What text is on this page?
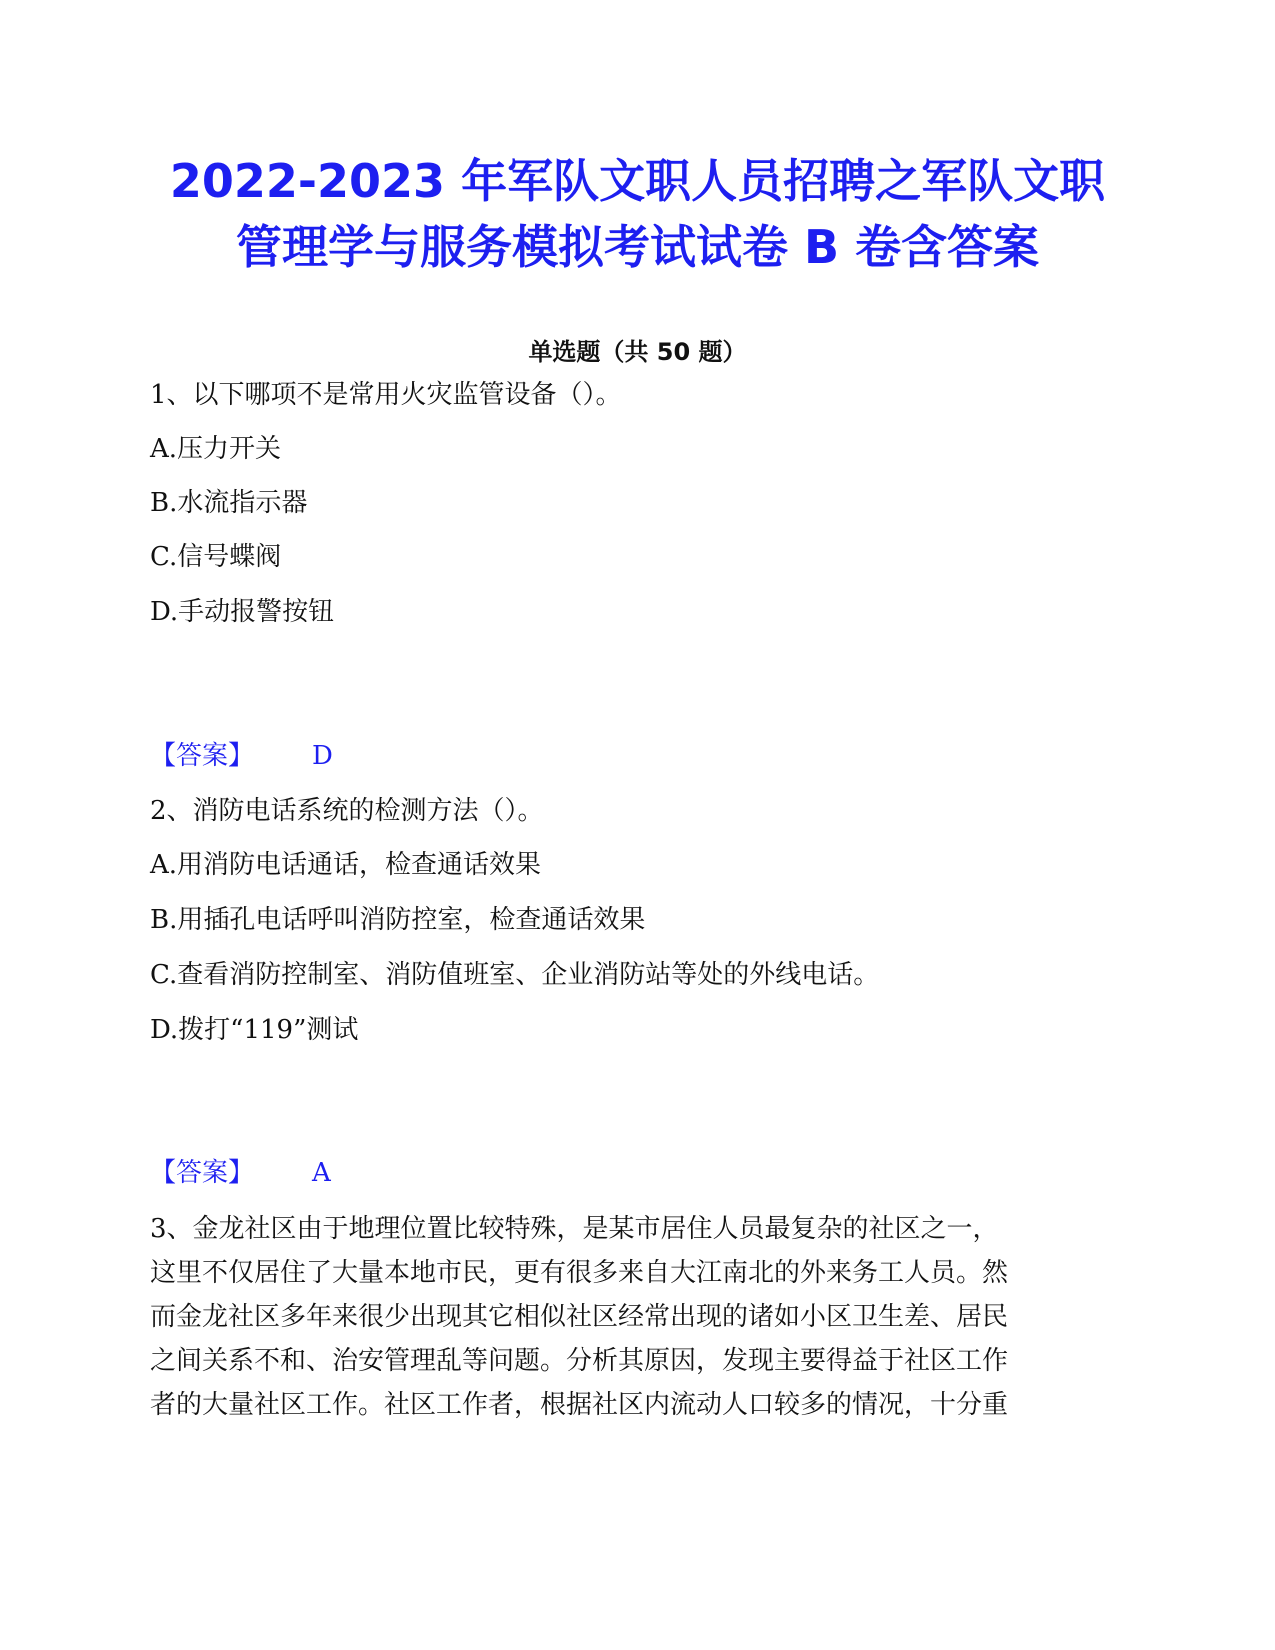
2022-2023 年军队文职人员招聘之军队文职
管理学与服务模拟考试试卷 B 卷含答案
单选题（共 50 题）
1、以下哪项不是常用火灾监管设备（）。
A.压力开关
B.水流指示器
C.信号蝶阀
D.手动报警按钮
【答案】 D
2、消防电话系统的检测方法（）。
A.用消防电话通话，检查通话效果
B.用插孔电话呼叫消防控室，检查通话效果
C.查看消防控制室、消防值班室、企业消防站等处的外线电话。
D.拨打“119”测试
【答案】 A
3、金龙社区由于地理位置比较特殊，是某市居住人员最复杂的社区之一，
这里不仅居住了大量本地市民，更有很多来自大江南北的外来务工人员。然
而金龙社区多年来很少出现其它相似社区经常出现的诸如小区卫生差、居民
之间关系不和、治安管理乱等问题。分析其原因，发现主要得益于社区工作
者的大量社区工作。社区工作者，根据社区内流动人口较多的情况，十分重
